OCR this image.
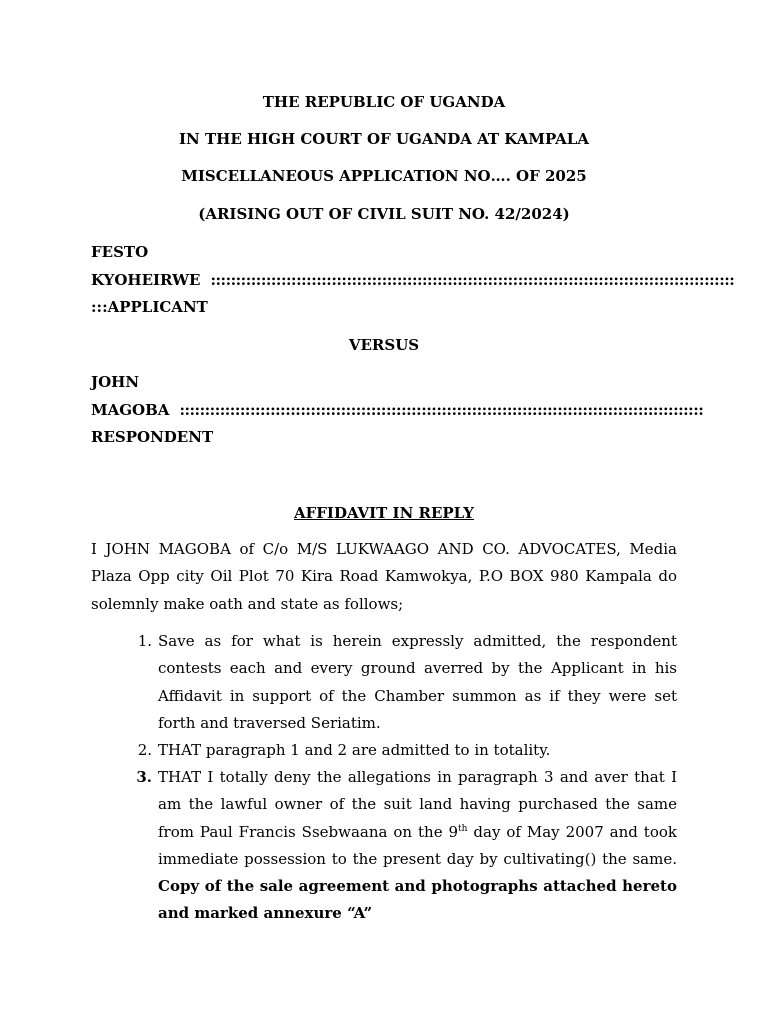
THE REPUBLIC OF UGANDA
IN THE HIGH COURT OF UGANDA AT KAMPALA
MISCELLANEOUS APPLICATION NO…. OF 2025
(ARISING OUT OF CIVIL SUIT NO. 42/2024)
FESTO
KYOHEIRWE ::::::::::::::::::::::::::::::::::::::::::::::::::::::::::::::::::::::::::::::::::::::::::::::::::::::::
:::APPLICANT
VERSUS
JOHN
MAGOBA ::::::::::::::::::::::::::::::::::::::::::::::::::::::::::::::::::::::::::::::::::::::::::::::::::::::::
RESPONDENT
AFFIDAVIT IN REPLY
I JOHN MAGOBA of C/o M/S LUKWAAGO AND CO. ADVOCATES, Media Plaza Opp city Oil Plot 70 Kira Road Kamwokya, P.O BOX 980 Kampala do solemnly make oath and state as follows;
1. Save as for what is herein expressly admitted, the respondent contests each and every ground averred by the Applicant in his Affidavit in support of the Chamber summon as if they were set forth and traversed Seriatim.
2. THAT paragraph 1 and 2 are admitted to in totality.
3. THAT I totally deny the allegations in paragraph 3 and aver that I am the lawful owner of the suit land having purchased the same from Paul Francis Ssebwaana on the 9th day of May 2007 and took immediate possession to the present day by cultivating() the same. Copy of the sale agreement and photographs attached hereto and marked annexure “A”
